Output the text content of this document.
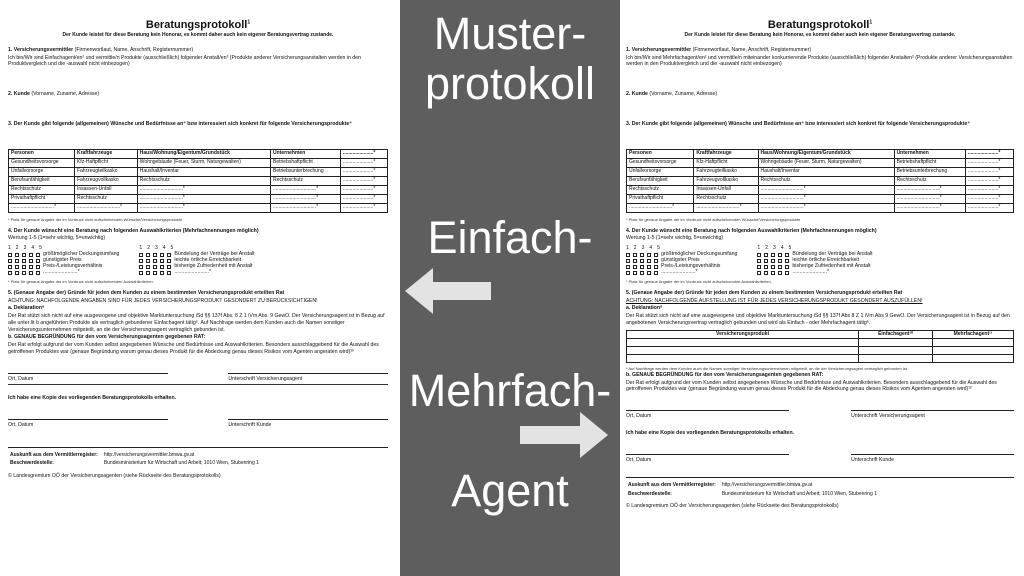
Beratungsprotokoll$^1$
Der Kunde leistet für diese Beratung kein Honorar, es kommt daher auch kein eigener Beratungsvertrag zustande.

1. Versicherungsvermittler (Firmenwortlaut, Name, Anschrift, Registernummer)

Ich bin/Wir sind Einfachagent/en² und vermittle/n Produkte (ausschließlich) folgender Anstalt/en³ (Produkte anderer Versicherungsanstalten werden in den Produktvergleich und die -auswahl nicht einbezogen)

2. Kunde (Vorname, Zuname, Adresse)

3. Der Kunde gibt folgende (allgemeinen) Wünsche und Bedürfnisse an⁴ bzw interessiert sich konkret für folgende Versicherungsprodukte⁴

Personen	Kraftfahrzeuge	Haus/Wohnung/Eigentum/Grundstück	Unternehmen	......................*
Gesundheitsvorsorge	Kfz-Haftpflicht	Wohngebäude (Feuer, Sturm, Naturgewalten)	Betriebshaftpflicht	......................*
Unfallvorsorge	Fahrzeugteilkasko	Haushalt/Inventar	Betriebsunterbrechung	......................*
Berufsunfähigkeit	Fahrzeugvollkasko	Rechtsschutz	Rechtsschutz	......................*
Rechtsschutz	Insassen-Unfall	...............................*	...............................*	......................*
Privathaftpflicht	Rechtsschutz	...............................*	...............................*	......................*
...............................*	...............................*	...............................*	...............................*	......................*

* Platz für genaue Angabe der im Vordruck nicht aufscheinenden Wünsche/Versicherungsprodukte

4. Der Kunde wünscht eine Beratung nach folgenden Auswahlkriterien (Mehrfachnennungen möglich)

Wertung 1-5 (1=sehr wichtig, 5=unwichtig)

1 2 3 4 5
größtmöglicher Deckungsumfang
günstigster Preis
Preis-/Leistungsverhältnis
........................*
1 2 3 4 5
Bündelung der Verträge bei Anstalt
leichte örtliche Erreichbarkeit
bisherige Zufriedenheit mit Anstalt
........................*

* Platz für genaue Angabe der im Vordruck nicht aufscheinenden Auswahlkriterien.

5. (Genaue Angabe der) Gründe für jeden dem Kunden zu einem bestimmten Versicherungsprodukt erteilten Rat

ACHTUNG: NACHFOLGENDE ANGABEN SIND FÜR JEDES VERSICHERUNGSPRODUKT GESONDERT ZU BERÜCKSICHTIGEN!

a. Deklaration⁸

Der Rat stützt sich nicht auf eine ausgewogene und objektive Marktuntersuchung iSd §§ 137f Abs. 8 Z 1 iVm Abs. 9 GewO. Der Versicherungsagent ist in Bezug auf alle unter lit b angeführten Produkte als vertraglich gebundener Einfachagent tätig⁶. Auf Nachfrage werden dem Kunden auch die Namen sonstiger Versicherungsunternehmen mitgeteilt, an die der Versicherungsagent vertraglich gebunden ist.

b. GENAUE BEGRÜNDUNG für den vom Versicherungsagenten gegebenen RAT:

Der Rat erfolgt aufgrund der vom Kunden selbst angegebenen Wünsche und Bedürfnisse und Auswahlkriterien. Besonders ausschlaggebend für die Auswahl des getroffenen Produktes war (genaue Begründung warum genau dieses Produkt für die Abdeckung genau dieses Risikos vom Agenten angeraten wird)¹⁰

Ort, Datum	Unterschrift Versicherungsagent

Ich habe eine Kopie des vorliegenden Beratungsprotokolls erhalten.

Ort, Datum	Unterschrift Kunde
Auskunft aus dem Vermittlerregister:	http://versicherungsvermittler.bmwa.gv.at
Beschwerdestelle:	Bundesministerium für Wirtschaft und Arbeit; 1010 Wien, Stubenring 1

© Landesgremium OÖ der Versicherungsagenten (siehe Rückseite des Beratungsprotokolls)

Muster-
protokoll
Einfach-
Mehrfach-
Agent
Beratungsprotokoll$^1$
Der Kunde leistet für diese Beratung kein Honorar, es kommt daher auch kein eigener Beratungsvertrag zustande.

1. Versicherungsvermittler (Firmenwortlaut, Name, Anschrift, Registernummer)

Ich bin/Wir sind Mehrfachagent/en² und vermittle/n miteinander konkurrierende Produkte (ausschließlich) folgender Anstalten³ (Produkte anderer Versicherungsanstalten werden in den Produktvergleich und die -auswahl nicht einbezogen)

2. Kunde (Vorname, Zuname, Adresse)

3. Der Kunde gibt folgende (allgemeinen) Wünsche und Bedürfnisse an⁴ bzw interessiert sich konkret für folgende Versicherungsprodukte⁴

Personen	Kraftfahrzeuge	Haus/Wohnung/Eigentum/Grundstück	Unternehmen	......................*
Gesundheitsvorsorge	Kfz-Haftpflicht	Wohngebäude (Feuer, Sturm, Naturgewalten)	Betriebshaftpflicht	......................*
Unfallvorsorge	Fahrzeugteilkasko	Haushalt/Inventar	Betriebsunterbrechung	......................*
Berufsunfähigkeit	Fahrzeugvollkasko	Rechtsschutz	Rechtsschutz	......................*
Rechtsschutz	Insassen-Unfall	...............................*	...............................*	......................*
Privathaftpflicht	Rechtsschutz	...............................*	...............................*	......................*
...............................*	...............................*	...............................*	...............................*	......................*

* Platz für genaue Angabe der im Vordruck nicht aufscheinenden Wünsche/Versicherungsprodukte

4. Der Kunde wünscht eine Beratung nach folgenden Auswahlkriterien (Mehrfachnennungen möglich)

Wertung 1-5 (1=sehr wichtig, 5=unwichtig)

1 2 3 4 5
größtmöglicher Deckungsumfang
günstigster Preis
Preis-/Leistungsverhältnis
........................*
1 2 3 4 5
Bündelung der Verträge bei Anstalt
leichte örtliche Erreichbarkeit
bisherige Zufriedenheit mit Anstalt
........................*

* Platz für genaue Angabe der im Vordruck nicht aufscheinenden Auswahlkriterien.

5. (Genaue Angabe der) Gründe für jeden dem Kunden zu einem bestimmten Versicherungsprodukt erteilten Rat

ACHTUNG: NACHFOLGENDE AUFSTELLUNG IST FÜR JEDES VERSICHERUNGSPRODUKT GESONDERT AUSZUFÜLLEN!

a. Deklaration⁸

Der Rat stützt sich nicht auf eine ausgewogene und objektive Marktuntersuchung iSd §§ 137f Abs 8 Z 1 iVm Abs 9 GewO. Der Versicherungsagent ist in Bezug auf den angebotenen Versicherungsvertrag vertraglich gebunden und wird als Einfach - oder Mehrfachagent tätig⁶.

Versicherungsprodukt	Einfachagent¹⁰	Mehrfachagent¹¹

* Auf Nachfrage werden dem Kunden auch die Namen sonstiger Versicherungsunternehmen mitgeteilt, an die der Versicherungsagent vertraglich gebunden ist.

b. GENAUE BEGRÜNDUNG für den vom Versicherungsagenten gegebenen RAT:

Der Rat erfolgt aufgrund der vom Kunden selbst angegebenen Wünsche und Bedürfnisse und Auswahlkriterien. Besonders ausschlaggebend für die Auswahl des getroffenen Produktes war (genaue Begründung warum genau dieses Produkt für die Abdeckung genau dieses Risikos vom Agenten angeraten wird)¹²

Ort, Datum	Unterschrift Versicherungsagent

Ich habe eine Kopie des vorliegenden Beratungsprotokolls erhalten.

Ort, Datum	Unterschrift Kunde
Auskunft aus dem Vermittlerregister:	http://versicherungsvermittler.bmwa.gv.at
Beschwerdestelle:	Bundesministerium für Wirtschaft und Arbeit; 1010 Wien, Stubenring 1

© Landesgremium OÖ der Versicherungsagenten (siehe Rückseite des Beratungsprotokolls)
